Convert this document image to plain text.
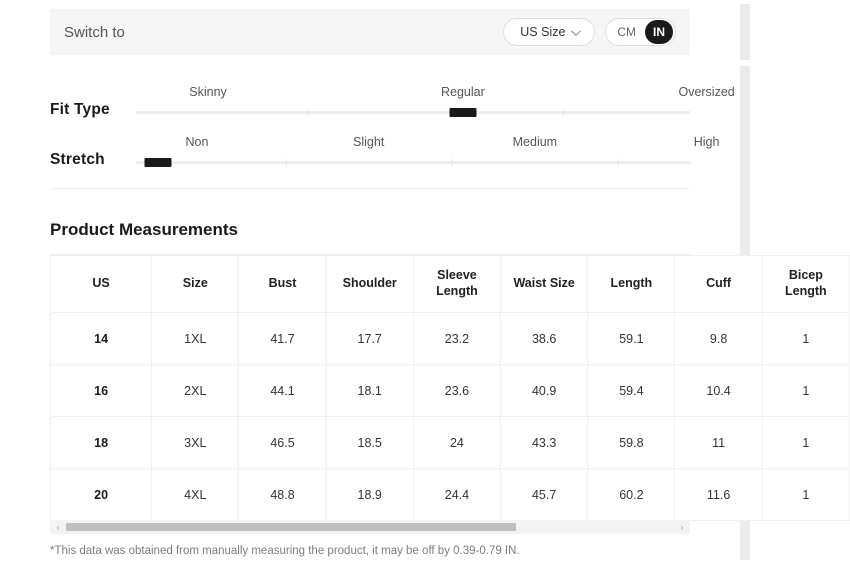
Switch to	US Size	CM	IN
Fit Type
Skinny	Regular	Oversized
Stretch
Non	Slight	Medium	High
Product Measurements
US	Size	Bust	Shoulder	Sleeve Length	Waist Size	Length	Cuff	Bicep Length
14	1XL	41.7	17.7	23.2	38.6	59.1	9.8	1
16	2XL	44.1	18.1	23.6	40.9	59.4	10.4	1
18	3XL	46.5	18.5	24	43.3	59.8	11	1
20	4XL	48.8	18.9	24.4	45.7	60.2	11.6	1
‹	›
*This data was obtained from manually measuring the product, it may be off by 0.39-0.79 IN.
